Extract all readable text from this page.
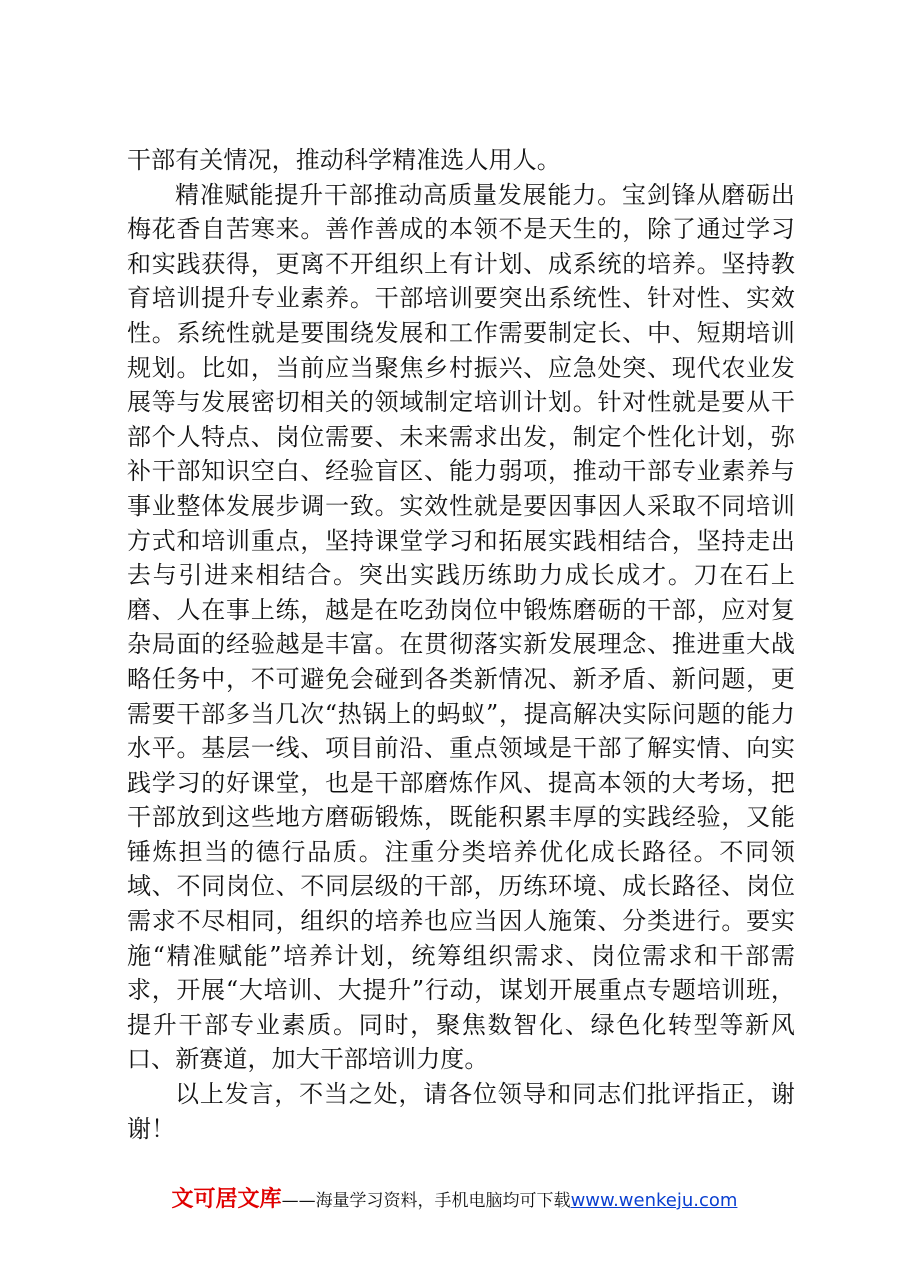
干部有关情况，推动科学精准选人用人。

精准赋能提升干部推动高质量发展能力。宝剑锋从磨砺出梅花香自苦寒来。善作善成的本领不是天生的，除了通过学习和实践获得，更离不开组织上有计划、成系统的培养。坚持教育培训提升专业素养。干部培训要突出系统性、针对性、实效性。系统性就是要围绕发展和工作需要制定长、中、短期培训规划。比如，当前应当聚焦乡村振兴、应急处突、现代农业发展等与发展密切相关的领域制定培训计划。针对性就是要从干部个人特点、岗位需要、未来需求出发，制定个性化计划，弥补干部知识空白、经验盲区、能力弱项，推动干部专业素养与事业整体发展步调一致。实效性就是要因事因人采取不同培训方式和培训重点，坚持课堂学习和拓展实践相结合，坚持走出去与引进来相结合。突出实践历练助力成长成才。刀在石上磨、人在事上练，越是在吃劲岗位中锻炼磨砺的干部，应对复杂局面的经验越是丰富。在贯彻落实新发展理念、推进重大战略任务中，不可避免会碰到各类新情况、新矛盾、新问题，更需要干部多当几次“热锅上的蚂蚁”，提高解决实际问题的能力水平。基层一线、项目前沿、重点领域是干部了解实情、向实践学习的好课堂，也是干部磨炼作风、提高本领的大考场，把干部放到这些地方磨砺锻炼，既能积累丰厚的实践经验，又能锤炼担当的德行品质。注重分类培养优化成长路径。不同领域、不同岗位、不同层级的干部，历练环境、成长路径、岗位需求不尽相同，组织的培养也应当因人施策、分类进行。要实施“精准赋能”培养计划，统筹组织需求、岗位需求和干部需求，开展“大培训、大提升”行动，谋划开展重点专题培训班，提升干部专业素质。同时，聚焦数智化、绿色化转型等新风口、新赛道，加大干部培训力度。

以上发言，不当之处，请各位领导和同志们批评指正，谢谢！

文可居文库——海量学习资料，手机电脑均可下载www.wenkeju.com
